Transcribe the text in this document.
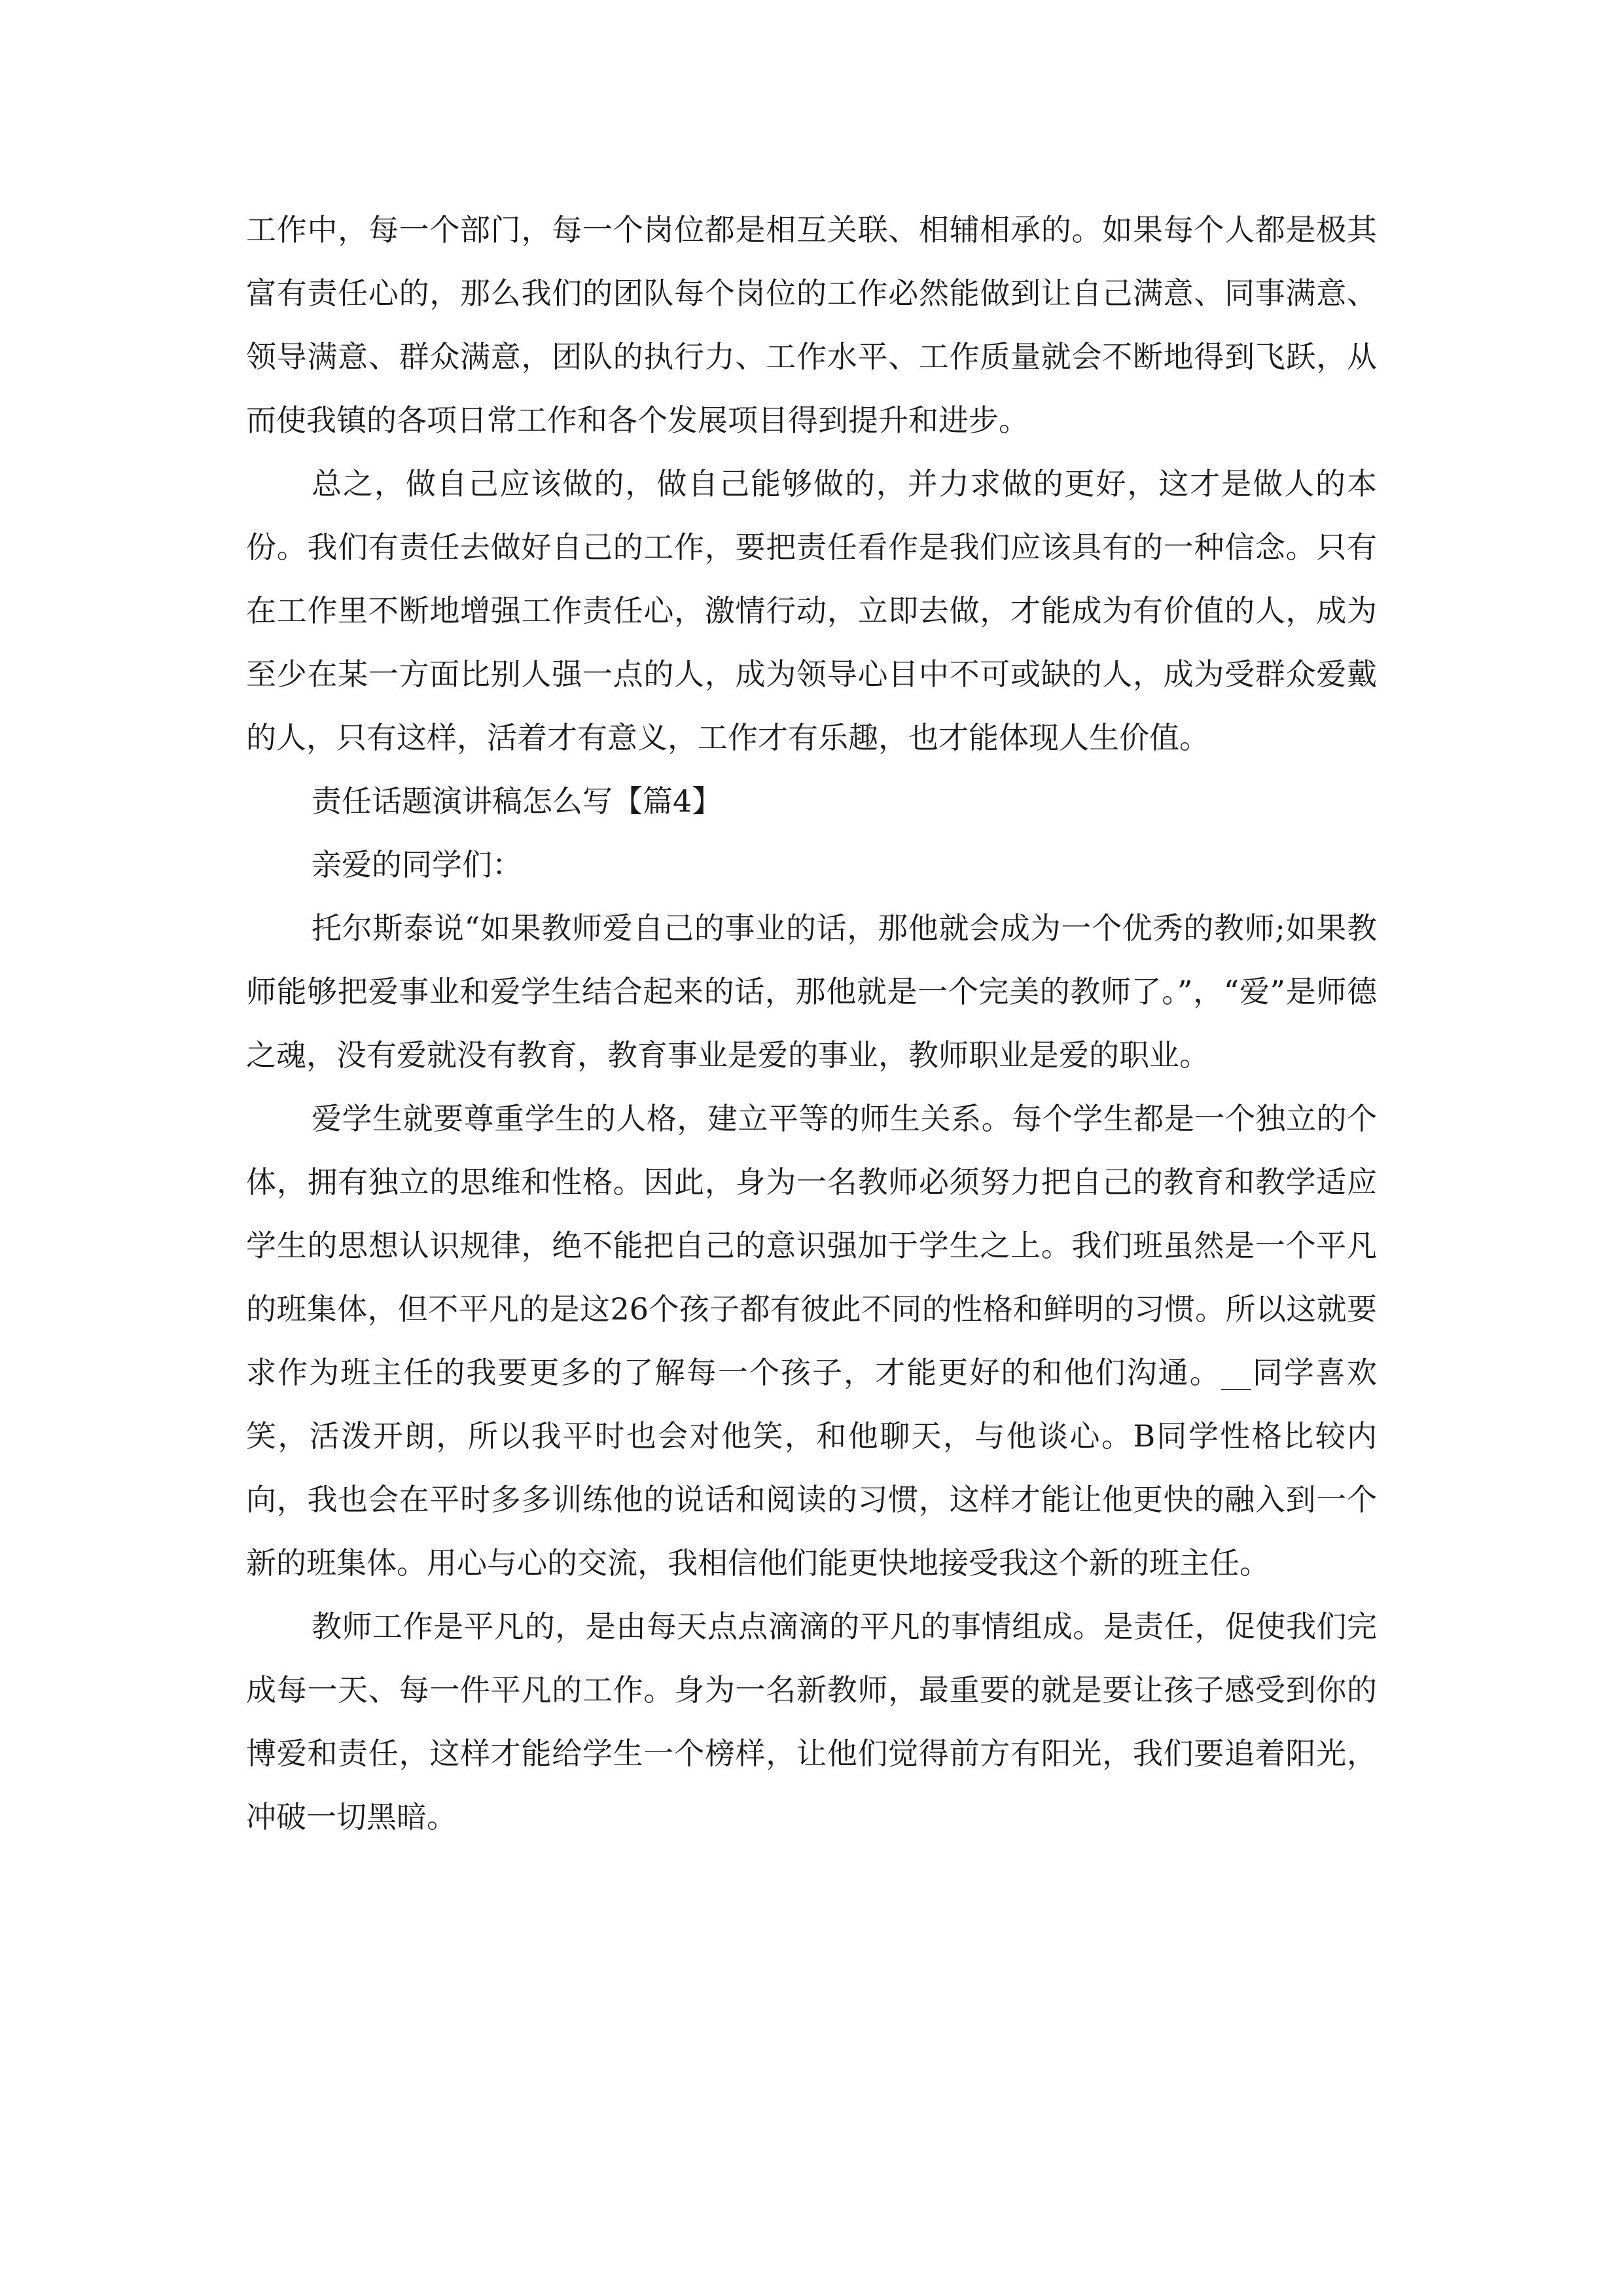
工作中，每一个部门，每一个岗位都是相互关联、相辅相承的。如果每个人都是极其富有责任心的，那么我们的团队每个岗位的工作必然能做到让自己满意、同事满意、领导满意、群众满意，团队的执行力、工作水平、工作质量就会不断地得到飞跃，从而使我镇的各项日常工作和各个发展项目得到提升和进步。

总之，做自己应该做的，做自己能够做的，并力求做的更好，这才是做人的本份。我们有责任去做好自己的工作，要把责任看作是我们应该具有的一种信念。只有在工作里不断地增强工作责任心，激情行动，立即去做，才能成为有价值的人，成为至少在某一方面比别人强一点的人，成为领导心目中不可或缺的人，成为受群众爱戴的人，只有这样，活着才有意义，工作才有乐趣，也才能体现人生价值。

责任话题演讲稿怎么写【篇4】

亲爱的同学们：

托尔斯泰说“如果教师爱自己的事业的话，那他就会成为一个优秀的教师;如果教师能够把爱事业和爱学生结合起来的话，那他就是一个完美的教师了。”，“爱”是师德之魂，没有爱就没有教育，教育事业是爱的事业，教师职业是爱的职业。

爱学生就要尊重学生的人格，建立平等的师生关系。每个学生都是一个独立的个体，拥有独立的思维和性格。因此，身为一名教师必须努力把自己的教育和教学适应学生的思想认识规律，绝不能把自己的意识强加于学生之上。我们班虽然是一个平凡的班集体，但不平凡的是这26个孩子都有彼此不同的性格和鲜明的习惯。所以这就要求作为班主任的我要更多的了解每一个孩子，才能更好的和他们沟通。__同学喜欢笑，活泼开朗，所以我平时也会对他笑，和他聊天，与他谈心。B同学性格比较内向，我也会在平时多多训练他的说话和阅读的习惯，这样才能让他更快的融入到一个新的班集体。用心与心的交流，我相信他们能更快地接受我这个新的班主任。

教师工作是平凡的，是由每天点点滴滴的平凡的事情组成。是责任，促使我们完成每一天、每一件平凡的工作。身为一名新教师，最重要的就是要让孩子感受到你的博爱和责任，这样才能给学生一个榜样，让他们觉得前方有阳光，我们要追着阳光，冲破一切黑暗。
